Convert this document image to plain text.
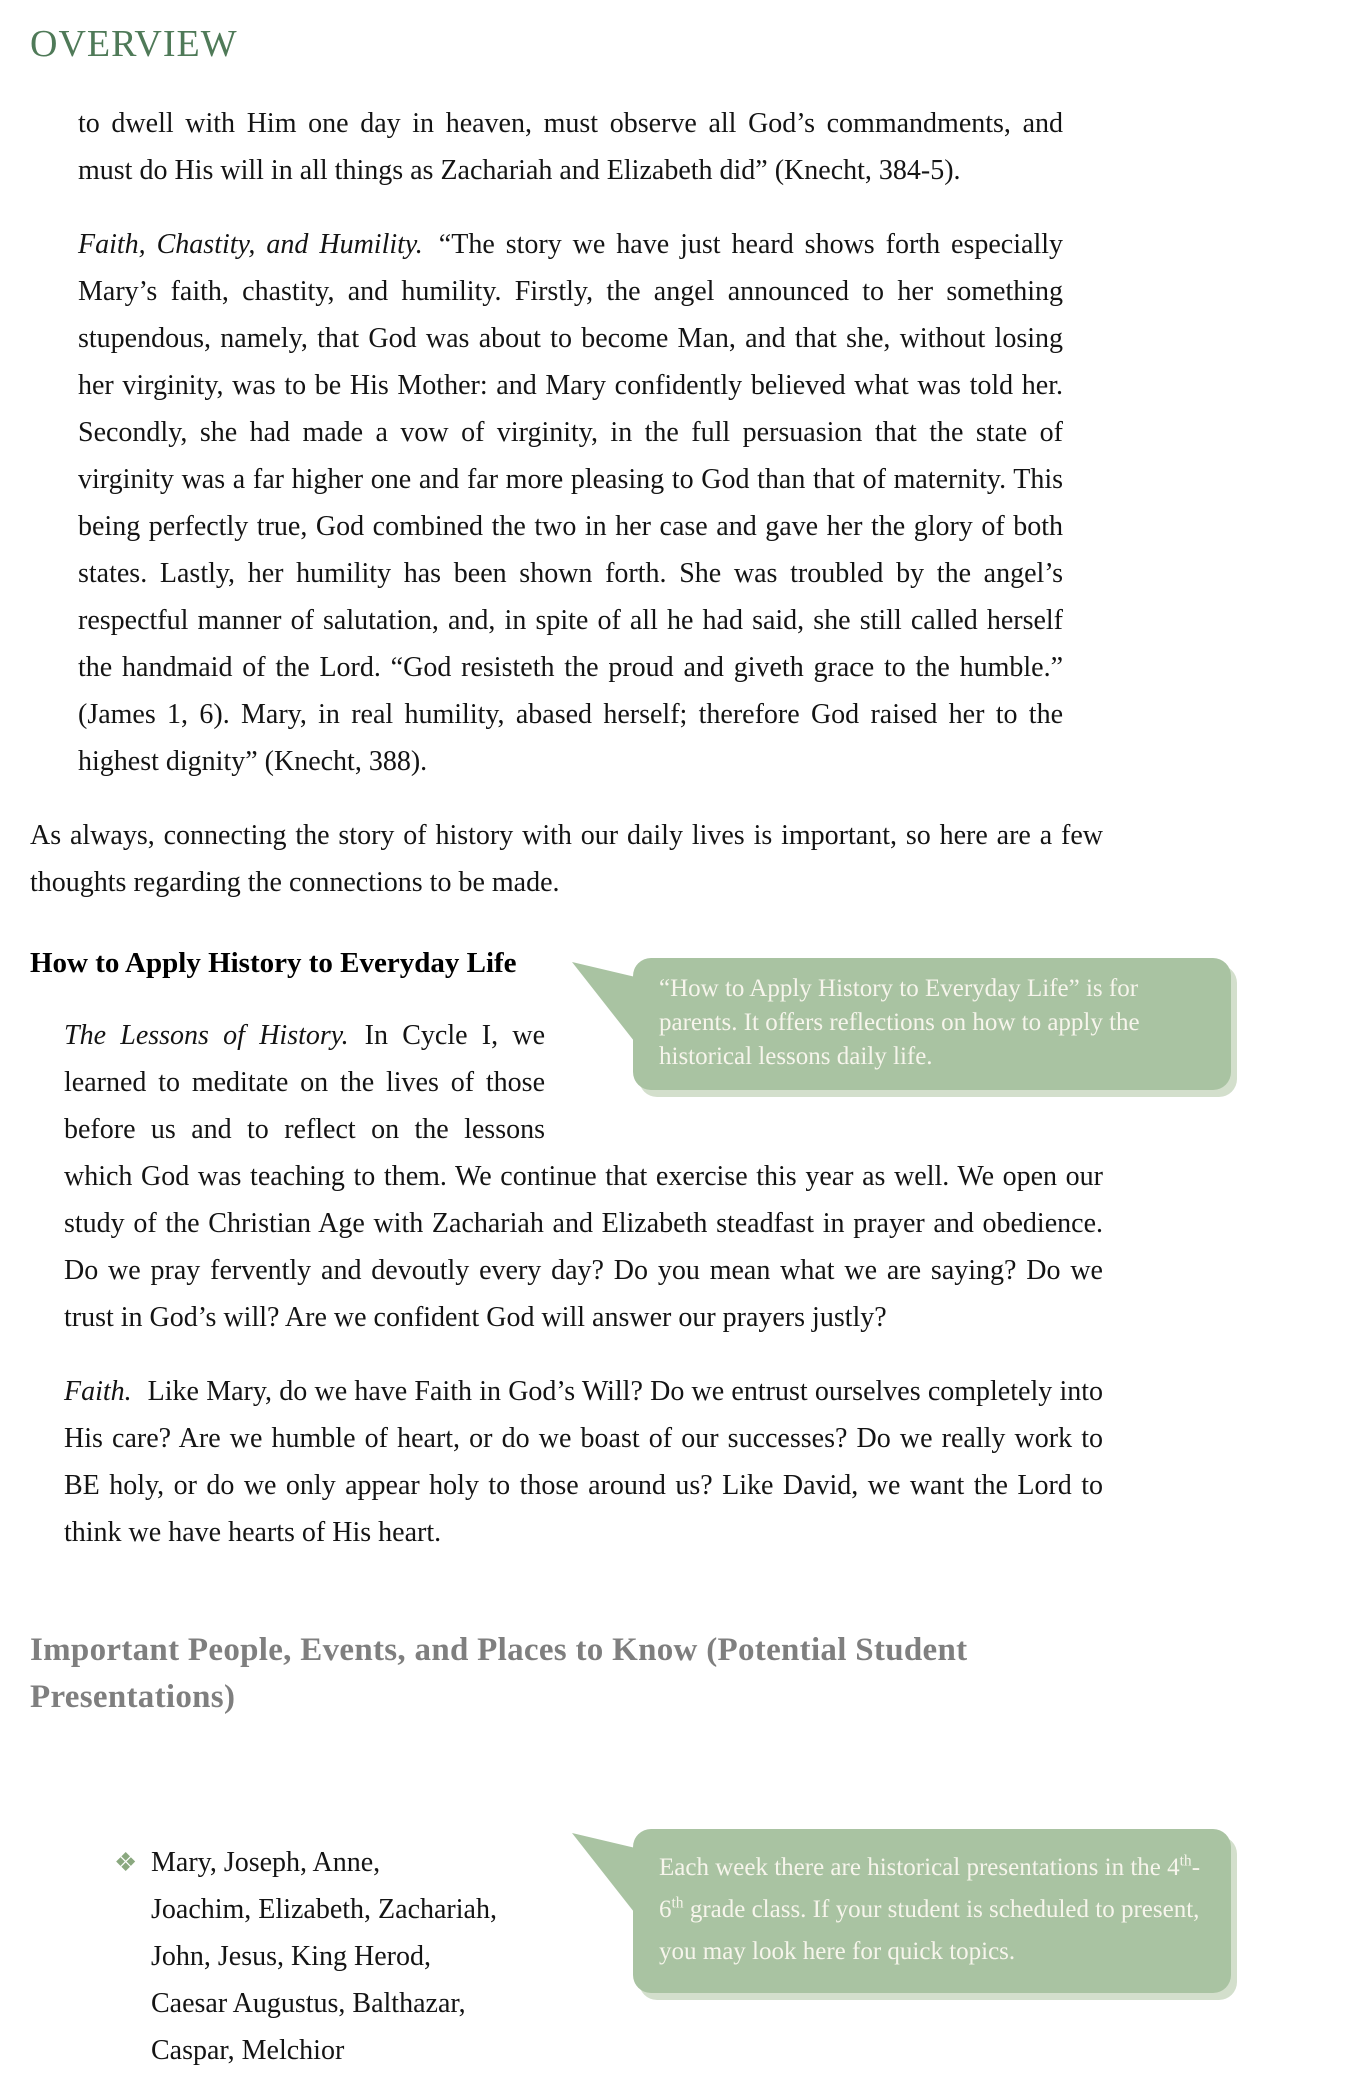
OVERVIEW

to dwell with Him one day in heaven, must observe all God’s commandments, and must do His will in all things as Zachariah and Elizabeth did” (Knecht, 384-5).

Faith, Chastity, and Humility. “The story we have just heard shows forth especially Mary’s faith, chastity, and humility. Firstly, the angel announced to her something stupendous, namely, that God was about to become Man, and that she, without losing her virginity, was to be His Mother: and Mary confidently believed what was told her. Secondly, she had made a vow of virginity, in the full persuasion that the state of virginity was a far higher one and far more pleasing to God than that of maternity. This being perfectly true, God combined the two in her case and gave her the glory of both states. Lastly, her humility has been shown forth. She was troubled by the angel’s respectful manner of salutation, and, in spite of all he had said, she still called herself the handmaid of the Lord. “God resisteth the proud and giveth grace to the humble.” (James 1, 6). Mary, in real humility, abased herself; therefore God raised her to the highest dignity” (Knecht, 388).

As always, connecting the story of history with our daily lives is important, so here are a few thoughts regarding the connections to be made.

“How to Apply History to Everyday Life” is for parents. It offers reflections on how to apply the historical lessons daily life.
How to Apply History to Everyday Life

The Lessons of History. In Cycle I, we learned to meditate on the lives of those before us and to reflect on the lessons which God was teaching to them. We continue that exercise this year as well. We open our study of the Christian Age with Zachariah and Elizabeth steadfast in prayer and obedience. Do we pray fervently and devoutly every day? Do you mean what we are saying? Do we trust in God’s will? Are we confident God will answer our prayers justly?

Faith. Like Mary, do we have Faith in God’s Will? Do we entrust ourselves completely into His care? Are we humble of heart, or do we boast of our successes? Do we really work to BE holy, or do we only appear holy to those around us? Like David, we want the Lord to think we have hearts of His heart.

Important People, Events, and Places to Know (Potential Student Presentations)
Each week there are historical presentations in the 4th-6th grade class. If your student is scheduled to present, you may look here for quick topics.
❖ Mary, Joseph, Anne,
Joachim, Elizabeth, Zachariah,
John, Jesus, King Herod,
Caesar Augustus, Balthazar,
Caspar, Melchior
